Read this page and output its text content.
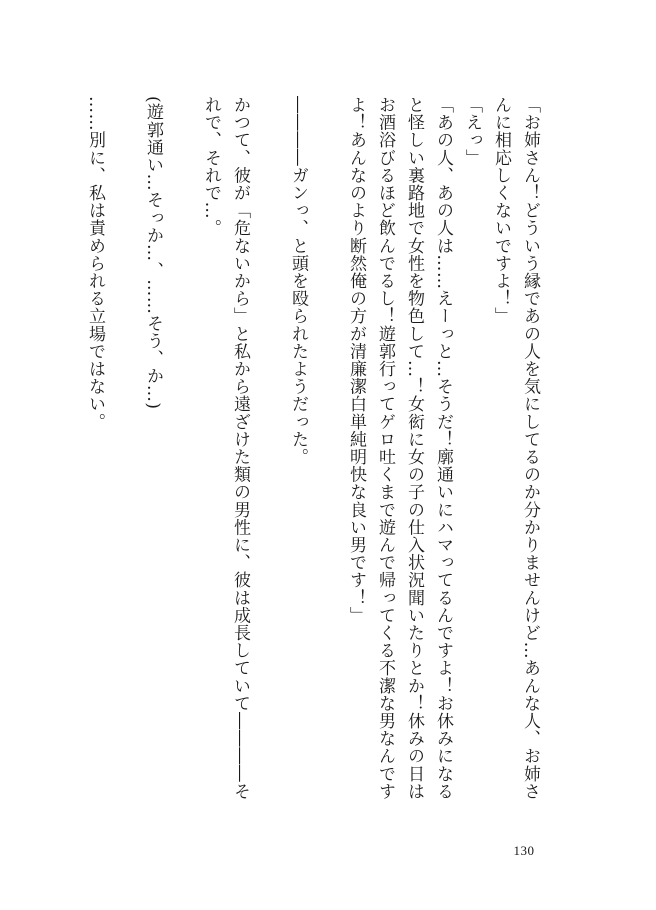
「お姉さん！どういう縁であの人を気にしてるのか分かりませんけど…あんな人、お姉さんに相応しくないですよ！」

「えっ」

「あの人、あの人は……えーっと…そうだ！廓通いにハマってるんですよ！お休みになると怪しい裏路地で女性を物色して…！女衒に女の子の仕入状況聞いたりとか！休みの日はお酒浴びるほど飲んでるし！遊郭行ってゲロ吐くまで遊んで帰ってくる不潔な男なんですよ！あんなのより断然俺の方が清廉潔白単純明快な良い男です！」

――――ガンっ、と頭を殴られたようだった。

かつて、彼が「危ないから」と私から遠ざけた類の男性に、彼は成長していて――――それで、それで…。

(遊郭通い…そっか…、……そう、か…)

……別に、私は責められる立場ではない。

130
